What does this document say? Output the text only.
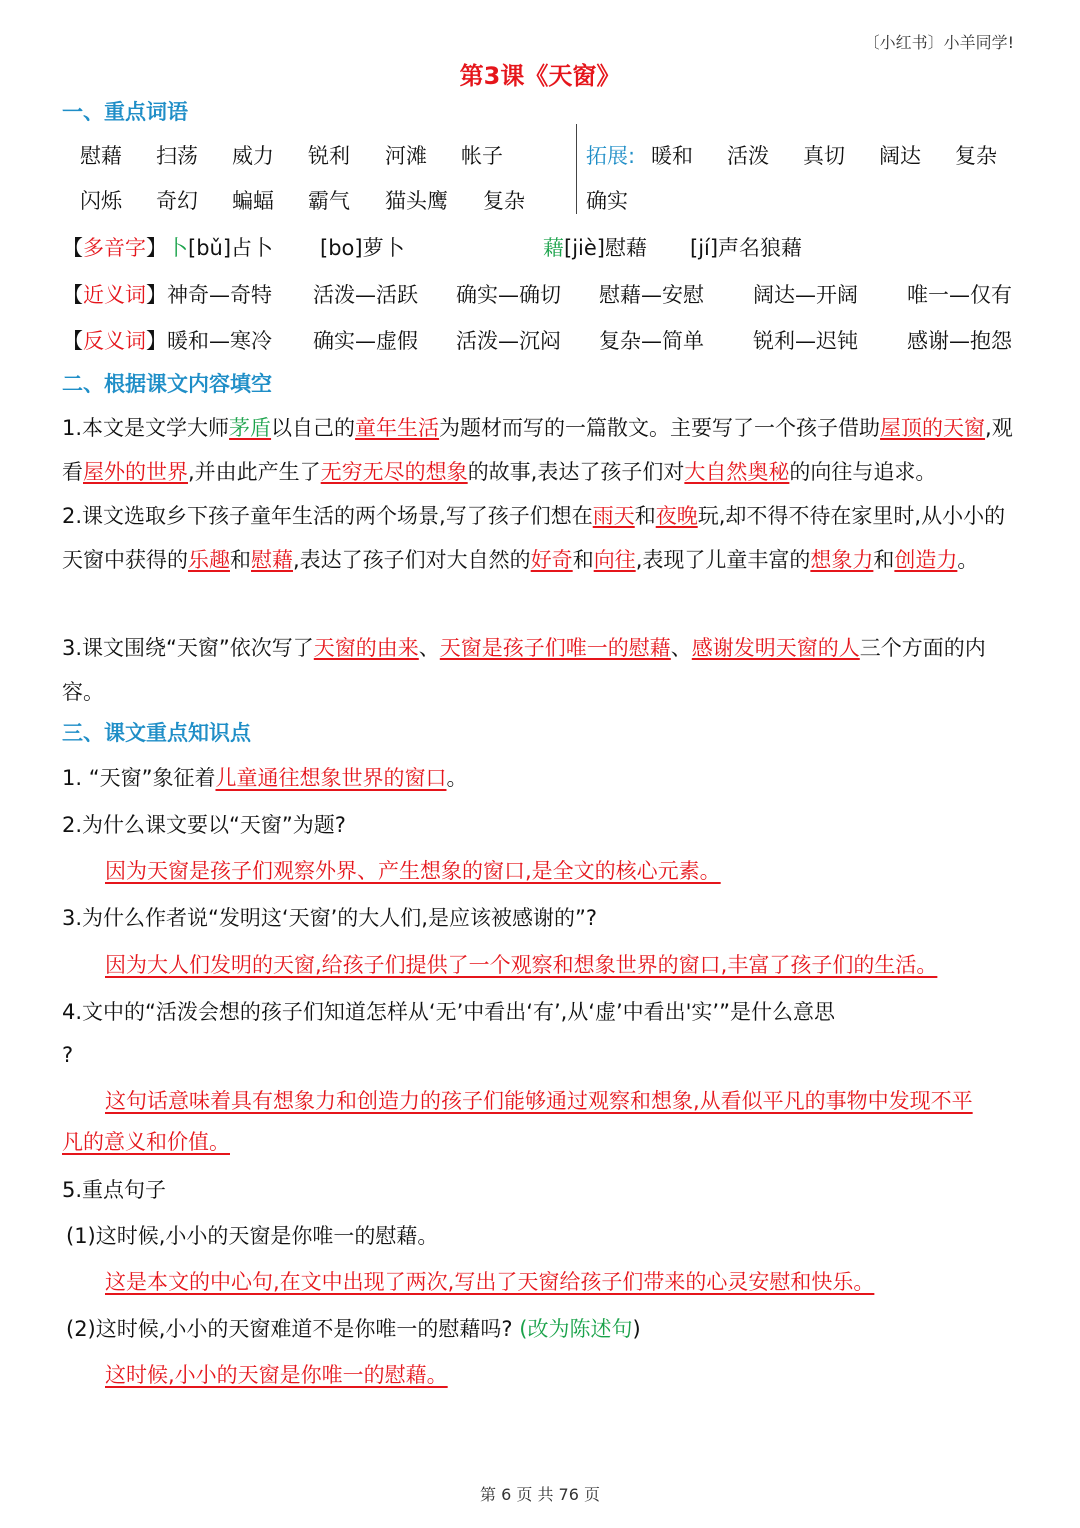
〔小红书〕小羊同学!
第3课《天窗》
一、重点词语
慰藉 扫荡 威力 锐利 河滩 帐子
闪烁 奇幻 蝙蝠 霸气 猫头鹰 复杂
拓展: 暖和 活泼 真切 阔达 复杂
确实
【多音字】卜[bǔ]占卜 [bo]萝卜	藉[jiè]慰藉 [jí]声名狼藉
【近义词】神奇—奇特 活泼—活跃 确实—确切 慰藉—安慰 阔达—开阔 唯一—仅有
【反义词】暖和—寒冷 确实—虚假 活泼—沉闷 复杂—简单 锐利—迟钝 感谢—抱怨
二、根据课文内容填空
1.本文是文学大师茅盾以自己的童年生活为题材而写的一篇散文。主要写了一个孩子借助屋顶的天窗,观看屋外的世界,并由此产生了无穷无尽的想象的故事,表达了孩子们对大自然奥秘的向往与追求。
2.课文选取乡下孩子童年生活的两个场景,写了孩子们想在雨天和夜晚玩,却不得不待在家里时,从小小的天窗中获得的乐趣和慰藉,表达了孩子们对大自然的好奇和向往,表现了儿童丰富的想象力和创造力。
3.课文围绕“天窗”依次写了天窗的由来、天窗是孩子们唯一的慰藉、感谢发明天窗的人三个方面的内容。
三、课文重点知识点
1. “天窗”象征着儿童通往想象世界的窗口。
2.为什么课文要以“天窗”为题?
因为天窗是孩子们观察外界、产生想象的窗口,是全文的核心元素。
3.为什么作者说“发明这‘天窗’的大人们,是应该被感谢的”?
因为大人们发明的天窗,给孩子们提供了一个观察和想象世界的窗口,丰富了孩子们的生活。
4.文中的“活泼会想的孩子们知道怎样从‘无’中看出‘有’,从‘虚’中看出'实’”是什么意思
?
这句话意味着具有想象力和创造力的孩子们能够通过观察和想象,从看似平凡的事物中发现不平
凡的意义和价值。
5.重点句子
(1)这时候,小小的天窗是你唯一的慰藉。
这是本文的中心句,在文中出现了两次,写出了天窗给孩子们带来的心灵安慰和快乐。
(2)这时候,小小的天窗难道不是你唯一的慰藉吗? (改为陈述句)
这时候,小小的天窗是你唯一的慰藉。
第 6 页 共 76 页
